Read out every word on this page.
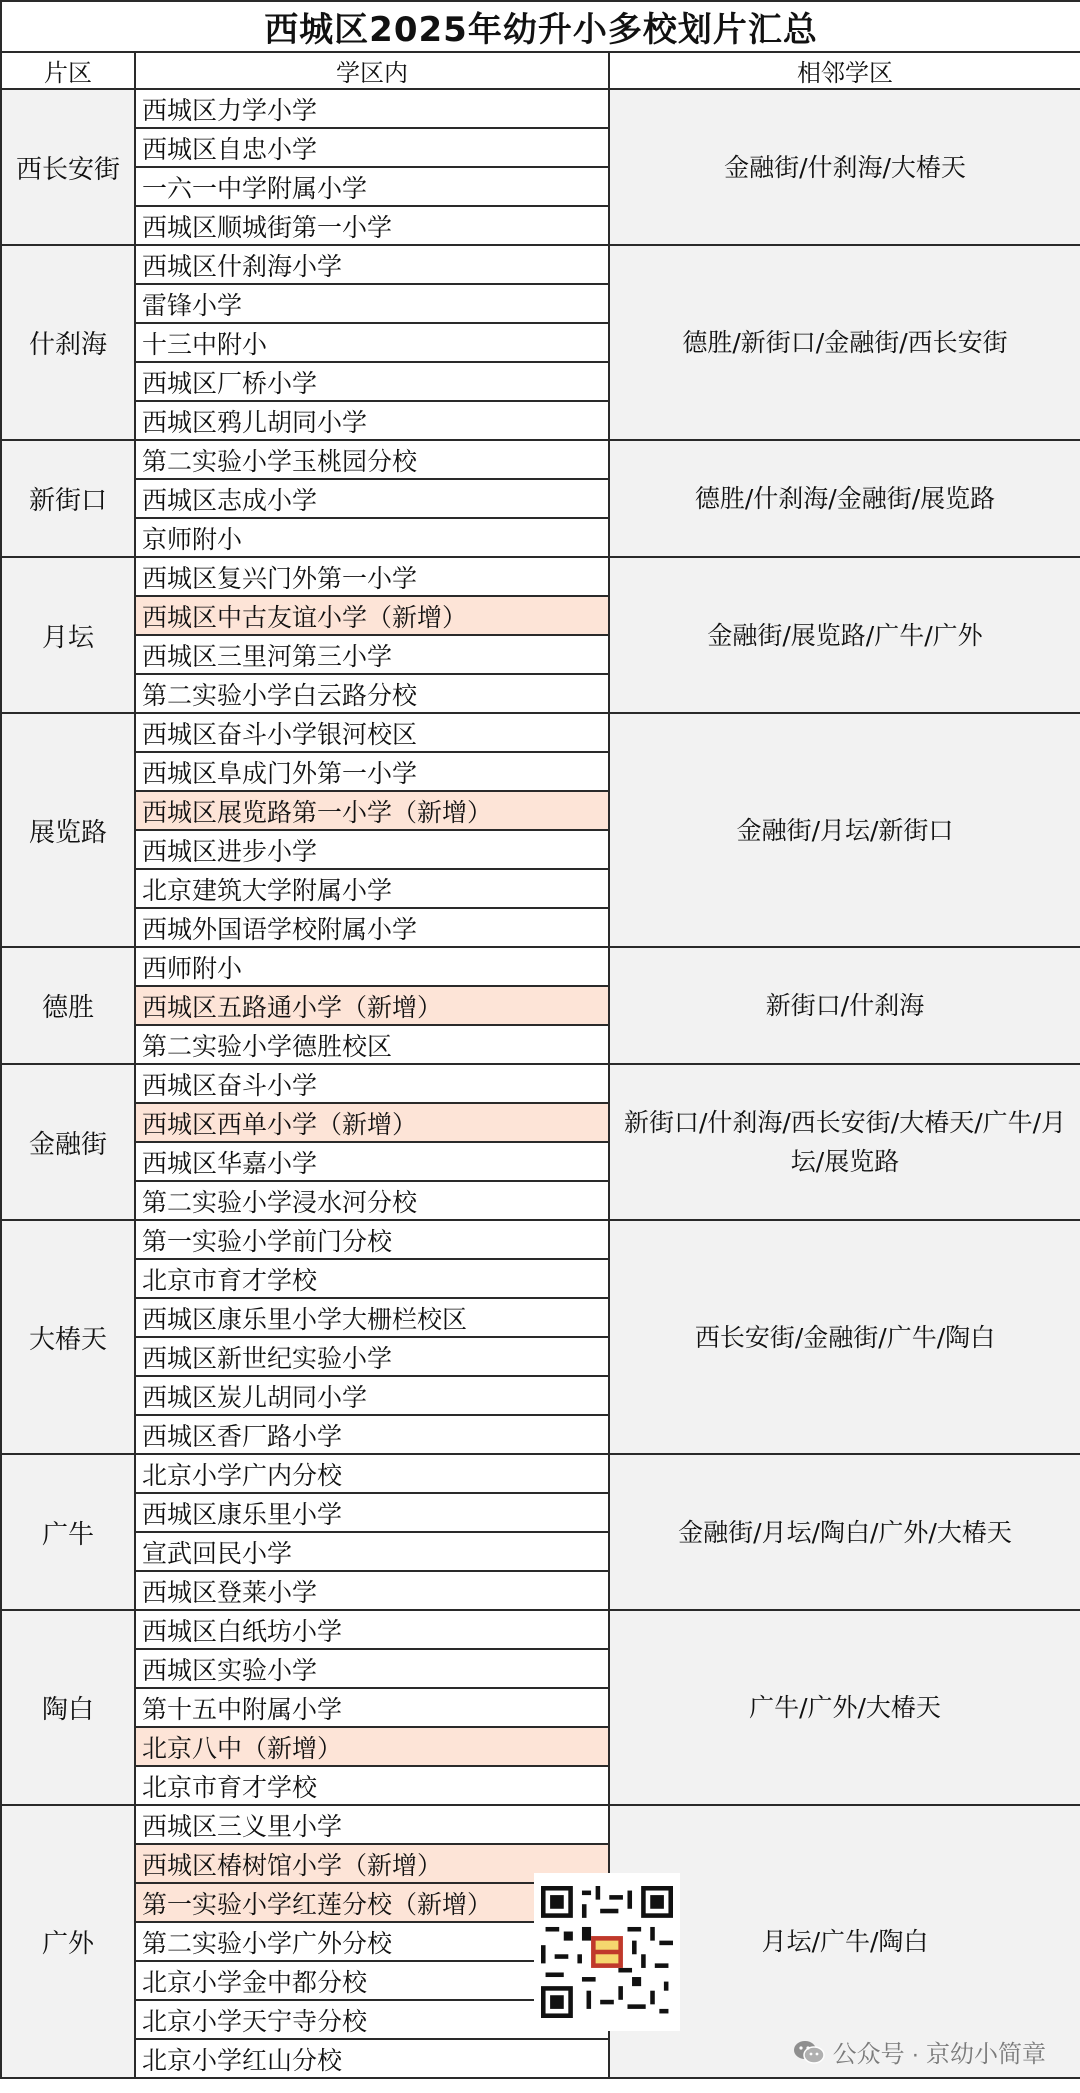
西城区2025年幼升小多校划片汇总		
片区	学区内	相邻学区
西长安街	西城区力学小学	金融街/什刹海/大椿天
	西城区自忠小学	
	一六一中学附属小学	
	西城区顺城街第一小学	
什刹海	西城区什刹海小学	德胜/新街口/金融街/西长安街
	雷锋小学	
	十三中附小	
	西城区厂桥小学	
	西城区鸦儿胡同小学	
新街口	第二实验小学玉桃园分校	德胜/什刹海/金融街/展览路
	西城区志成小学	
	京师附小	
月坛	西城区复兴门外第一小学	金融街/展览路/广牛/广外
	西城区中古友谊小学（新增）	
	西城区三里河第三小学	
	第二实验小学白云路分校	
展览路	西城区奋斗小学银河校区	金融街/月坛/新街口
	西城区阜成门外第一小学	
	西城区展览路第一小学（新增）	
	西城区进步小学	
	北京建筑大学附属小学	
	西城外国语学校附属小学	
德胜	西师附小	新街口/什刹海
	西城区五路通小学（新增）	
	第二实验小学德胜校区	
金融街	西城区奋斗小学	新街口/什刹海/西长安街/大椿天/广牛/月坛/展览路
	西城区西单小学（新增）	
	西城区华嘉小学	
	第二实验小学浸水河分校	
大椿天	第一实验小学前门分校	西长安街/金融街/广牛/陶白
	北京市育才学校	
	西城区康乐里小学大栅栏校区	
	西城区新世纪实验小学	
	西城区炭儿胡同小学	
	西城区香厂路小学	
广牛	北京小学广内分校	金融街/月坛/陶白/广外/大椿天
	西城区康乐里小学	
	宣武回民小学	
	西城区登莱小学	
陶白	西城区白纸坊小学	广牛/广外/大椿天
	西城区实验小学	
	第十五中附属小学	
	北京八中（新增）	
	北京市育才学校	
广外	西城区三义里小学	月坛/广牛/陶白
	西城区椿树馆小学（新增）	
	第一实验小学红莲分校（新增）	
	第二实验小学广外分校	
	北京小学金中都分校	
	北京小学天宁寺分校	
	北京小学红山分校		公众号 · 京幼小简章
